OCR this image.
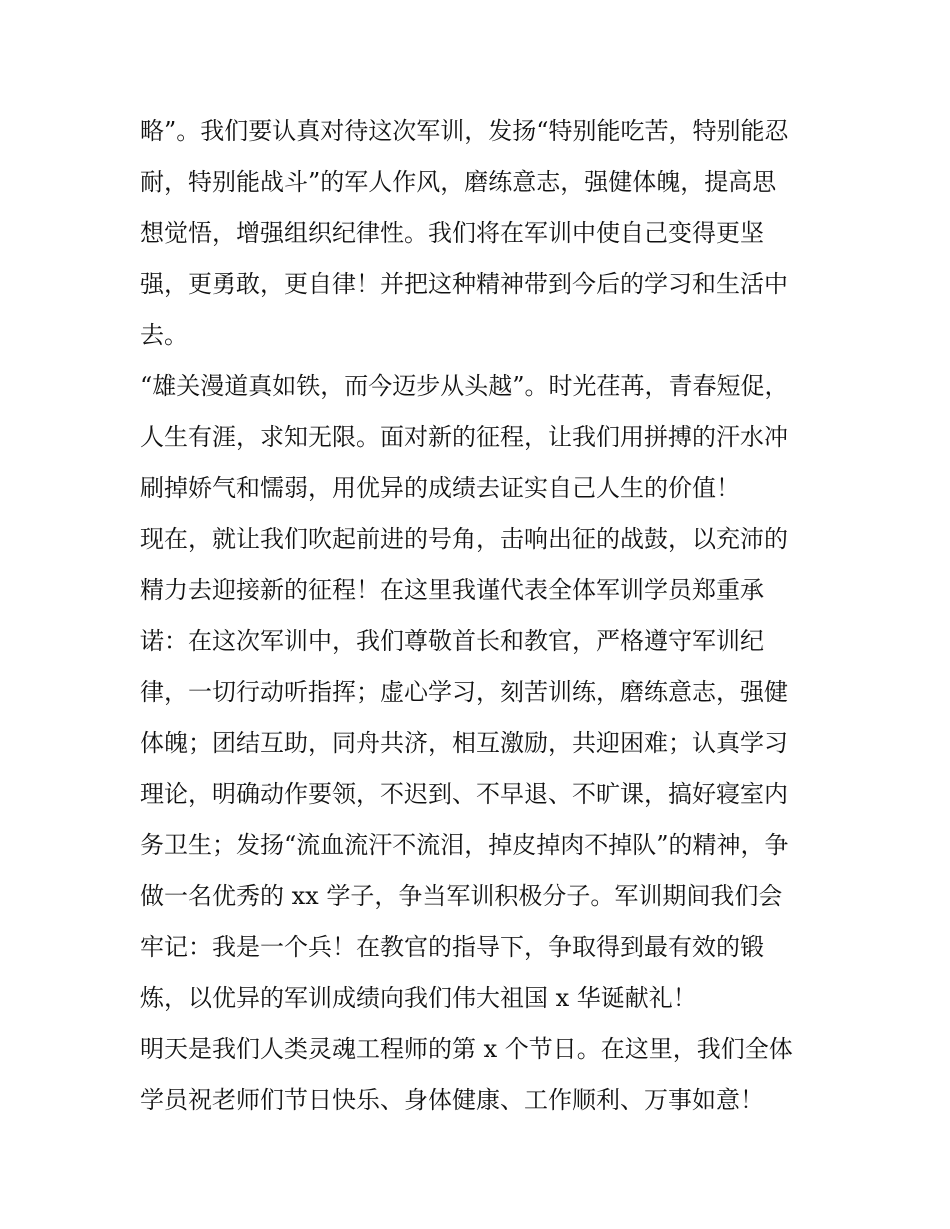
略”。我们要认真对待这次军训，发扬“特别能吃苦，特别能忍
耐，特别能战斗”的军人作风，磨练意志，强健体魄，提高思
想觉悟，增强组织纪律性。我们将在军训中使自己变得更坚
强，更勇敢，更自律！并把这种精神带到今后的学习和生活中
去。
“雄关漫道真如铁，而今迈步从头越”。时光荏苒，青春短促，
人生有涯，求知无限。面对新的征程，让我们用拼搏的汗水冲
刷掉娇气和懦弱，用优异的成绩去证实自己人生的价值！
现在，就让我们吹起前进的号角，击响出征的战鼓，以充沛的
精力去迎接新的征程！在这里我谨代表全体军训学员郑重承
诺：在这次军训中，我们尊敬首长和教官，严格遵守军训纪
律，一切行动听指挥；虚心学习，刻苦训练，磨练意志，强健
体魄；团结互助，同舟共济，相互激励，共迎困难；认真学习
理论，明确动作要领，不迟到、不早退、不旷课，搞好寝室内
务卫生；发扬“流血流汗不流泪，掉皮掉肉不掉队”的精神，争
做一名优秀的 xx 学子，争当军训积极分子。军训期间我们会
牢记：我是一个兵！在教官的指导下，争取得到最有效的锻
炼，以优异的军训成绩向我们伟大祖国 x 华诞献礼！
明天是我们人类灵魂工程师的第 x 个节日。在这里，我们全体
学员祝老师们节日快乐、身体健康、工作顺利、万事如意！
